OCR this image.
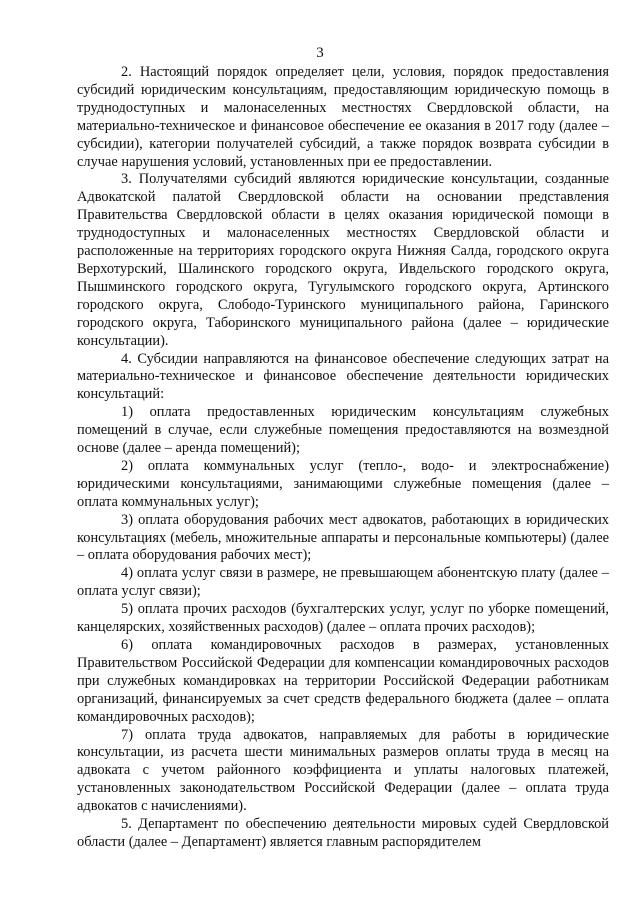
3

2. Настоящий порядок определяет цели, условия, порядок предоставления субсидий юридическим консультациям, предоставляющим юридическую помощь в труднодоступных и малонаселенных местностях Свердловской области, на материально-техническое и финансовое обеспечение ее оказания в 2017 году (далее – субсидии), категории получателей субсидий, а также порядок возврата субсидии в случае нарушения условий, установленных при ее предоставлении.

3. Получателями субсидий являются юридические консультации, созданные Адвокатской палатой Свердловской области на основании представления Правительства Свердловской области в целях оказания юридической помощи в труднодоступных и малонаселенных местностях Свердловской области и расположенные на территориях городского округа Нижняя Салда, городского округа Верхотурский, Шалинского городского округа, Ивдельского городского округа, Пышминского городского округа, Тугулымского городского округа, Артинского городского округа, Слободо-Туринского муниципального района, Гаринского городского округа, Таборинского муниципального района (далее – юридические консультации).

4. Субсидии направляются на финансовое обеспечение следующих затрат на материально-техническое и финансовое обеспечение деятельности юридических консультаций:

1) оплата предоставленных юридическим консультациям служебных помещений в случае, если служебные помещения предоставляются на возмездной основе (далее – аренда помещений);

2) оплата коммунальных услуг (тепло-, водо- и электроснабжение) юридическими консультациями, занимающими служебные помещения (далее – оплата коммунальных услуг);

3) оплата оборудования рабочих мест адвокатов, работающих в юридических консультациях (мебель, множительные аппараты и персональные компьютеры) (далее – оплата оборудования рабочих мест);

4) оплата услуг связи в размере, не превышающем абонентскую плату (далее – оплата услуг связи);

5) оплата прочих расходов (бухгалтерских услуг, услуг по уборке помещений, канцелярских, хозяйственных расходов) (далее – оплата прочих расходов);

6) оплата командировочных расходов в размерах, установленных Правительством Российской Федерации для компенсации командировочных расходов при служебных командировках на территории Российской Федерации работникам организаций, финансируемых за счет средств федерального бюджета (далее – оплата командировочных расходов);

7) оплата труда адвокатов, направляемых для работы в юридические консультации, из расчета шести минимальных размеров оплаты труда в месяц на адвоката с учетом районного коэффициента и уплаты налоговых платежей, установленных законодательством Российской Федерации (далее – оплата труда адвокатов с начислениями).

5. Департамент по обеспечению деятельности мировых судей Свердловской области (далее – Департамент) является главным распорядителем
